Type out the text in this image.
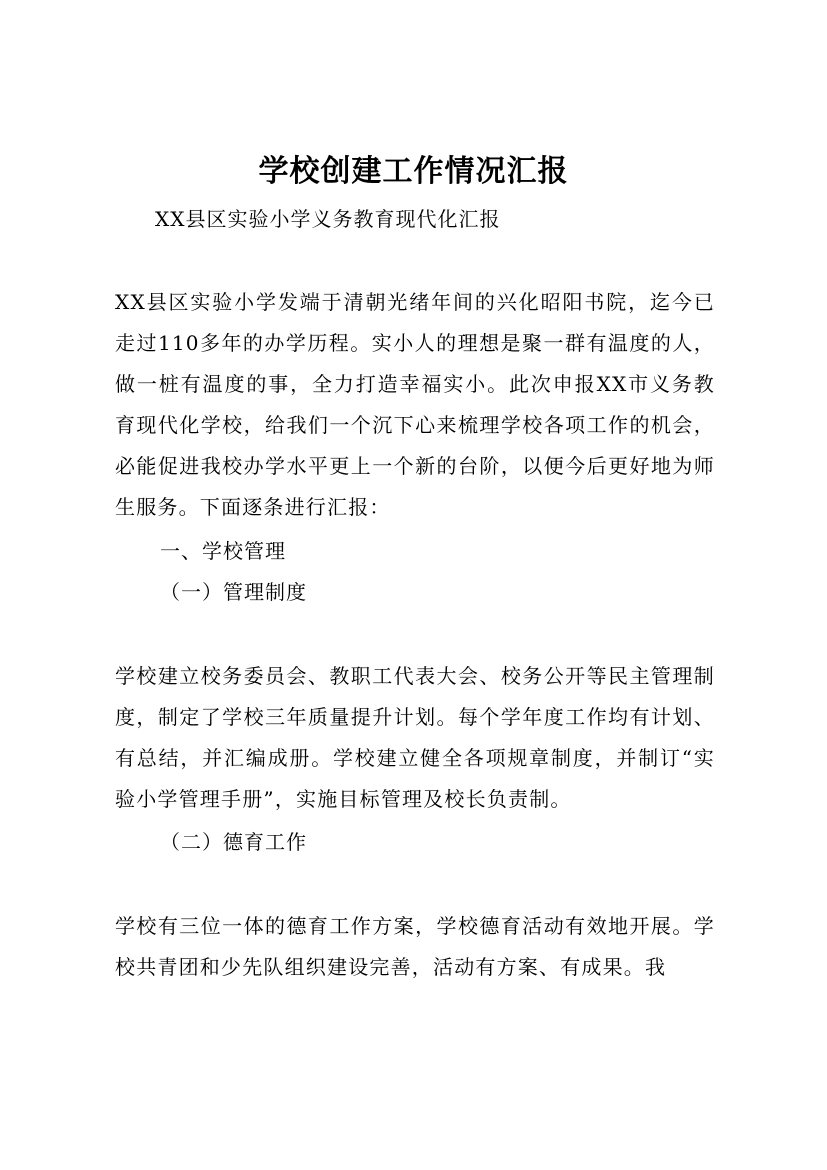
学校创建工作情况汇报

XX县区实验小学义务教育现代化汇报

XX县区实验小学发端于清朝光绪年间的兴化昭阳书院，迄今已走过110多年的办学历程。实小人的理想是聚一群有温度的人，做一桩有温度的事，全力打造幸福实小。此次申报XX市义务教育现代化学校，给我们一个沉下心来梳理学校各项工作的机会，必能促进我校办学水平更上一个新的台阶，以便今后更好地为师生服务。下面逐条进行汇报：

一、学校管理

（一）管理制度

学校建立校务委员会、教职工代表大会、校务公开等民主管理制度，制定了学校三年质量提升计划。每个学年度工作均有计划、有总结，并汇编成册。学校建立健全各项规章制度，并制订“实验小学管理手册”，实施目标管理及校长负责制。

（二）德育工作

学校有三位一体的德育工作方案，学校德育活动有效地开展。学校共青团和少先队组织建设完善，活动有方案、有成果。我
